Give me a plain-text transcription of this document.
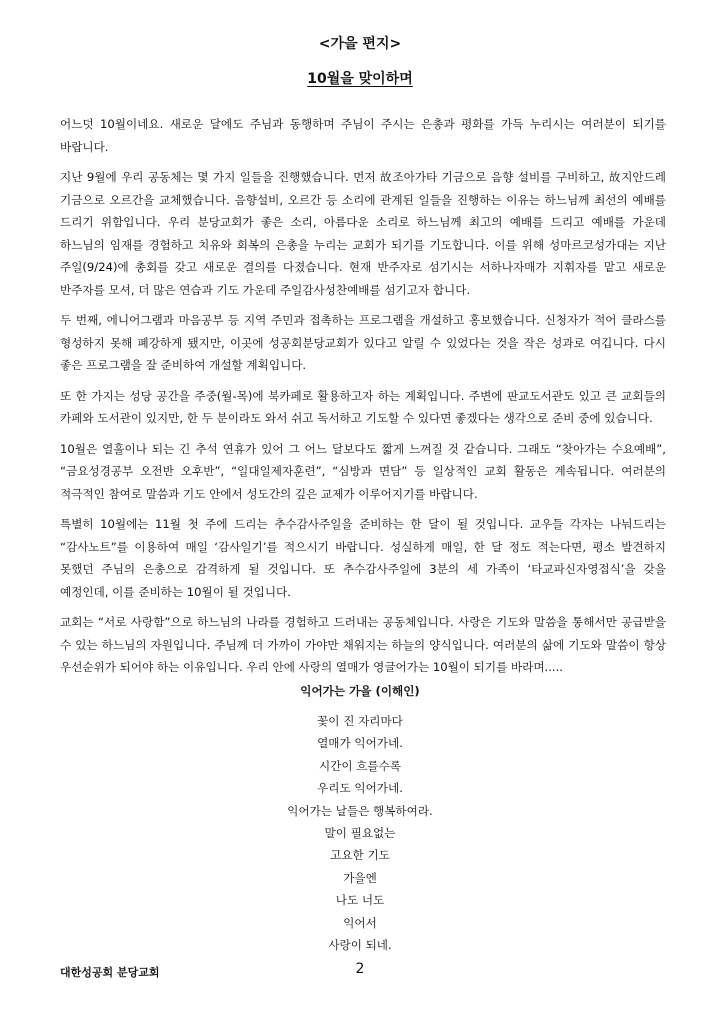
<가을 편지>
10월을 맞이하며

어느덧 10월이네요. 새로운 달에도 주님과 동행하며 주님이 주시는 은총과 평화를 가득 누리시는 여러분이 되기를 바랍니다.

지난 9월에 우리 공동체는 몇 가지 일들을 진행했습니다. 먼저 故조아가타 기금으로 음향 설비를 구비하고, 故지안드레 기금으로 오르간을 교체했습니다. 음향설비, 오르간 등 소리에 관계된 일들을 진행하는 이유는 하느님께 최선의 예배를 드리기 위함입니다. 우리 분당교회가 좋은 소리, 아름다운 소리로 하느님께 최고의 예배를 드리고 예배를 가운데 하느님의 임재를 경험하고 치유와 회복의 은총을 누리는 교회가 되기를 기도합니다. 이를 위해 성마르코성가대는 지난 주일(9/24)에 총회를 갖고 새로운 결의를 다졌습니다. 현재 반주자로 섬기시는 서하나자매가 지휘자를 맡고 새로운 반주자를 모셔, 더 많은 연습과 기도 가운데 주일감사성찬예배를 섬기고자 합니다.

두 번째, 에니어그램과 마음공부 등 지역 주민과 접촉하는 프로그램을 개설하고 홍보했습니다. 신청자가 적어 클라스를 형성하지 못해 폐강하게 됐지만, 이곳에 성공회분당교회가 있다고 알릴 수 있었다는 것을 작은 성과로 여깁니다. 다시 좋은 프로그램을 잘 준비하여 개설할 계획입니다.

또 한 가지는 성당 공간을 주중(월-목)에 북카페로 활용하고자 하는 계획입니다. 주변에 판교도서관도 있고 큰 교회들의 카페와 도서관이 있지만, 한 두 분이라도 와서 쉬고 독서하고 기도할 수 있다면 좋겠다는 생각으로 준비 중에 있습니다.

10월은 열흘이나 되는 긴 추석 연휴가 있어 그 어느 달보다도 짧게 느껴질 것 같습니다. 그래도 “찾아가는 수요예배”, “금요성경공부 오전반 오후반”, “일대일제자훈련”, “심방과 면담” 등 일상적인 교회 활동은 계속됩니다. 여러분의 적극적인 참여로 말씀과 기도 안에서 성도간의 깊은 교제가 이루어지기를 바랍니다.

특별히 10월에는 11월 첫 주에 드리는 추수감사주일을 준비하는 한 달이 될 것입니다. 교우들 각자는 나눠드리는 “감사노트”를 이용하여 매일 ‘감사일기’를 적으시기 바랍니다. 성실하게 매일, 한 달 정도 적는다면, 평소 발견하지 못했던 주님의 은총으로 감격하게 될 것입니다. 또 추수감사주일에 3분의 세 가족이 ‘타교파신자영접식’을 갖을 예정인데, 이를 준비하는 10월이 될 것입니다.

교회는 “서로 사랑함”으로 하느님의 나라를 경험하고 드러내는 공동체입니다. 사랑은 기도와 말씀을 통해서만 공급받을 수 있는 하느님의 자원입니다. 주님께 더 가까이 가야만 채워지는 하늘의 양식입니다. 여러분의 삶에 기도와 말씀이 항상 우선순위가 되어야 하는 이유입니다. 우리 안에 사랑의 열매가 영글어가는 10월이 되기를 바라며.....

익어가는 가을 (이해인)
꽃이 진 자리마다
열매가 익어가네.
시간이 흐를수록
우리도 익어가네.
익어가는 날들은 행복하여라.
말이 필요없는
고요한 기도
가을엔
나도 너도
익어서
사랑이 되네.
대한성공회 분당교회	2
